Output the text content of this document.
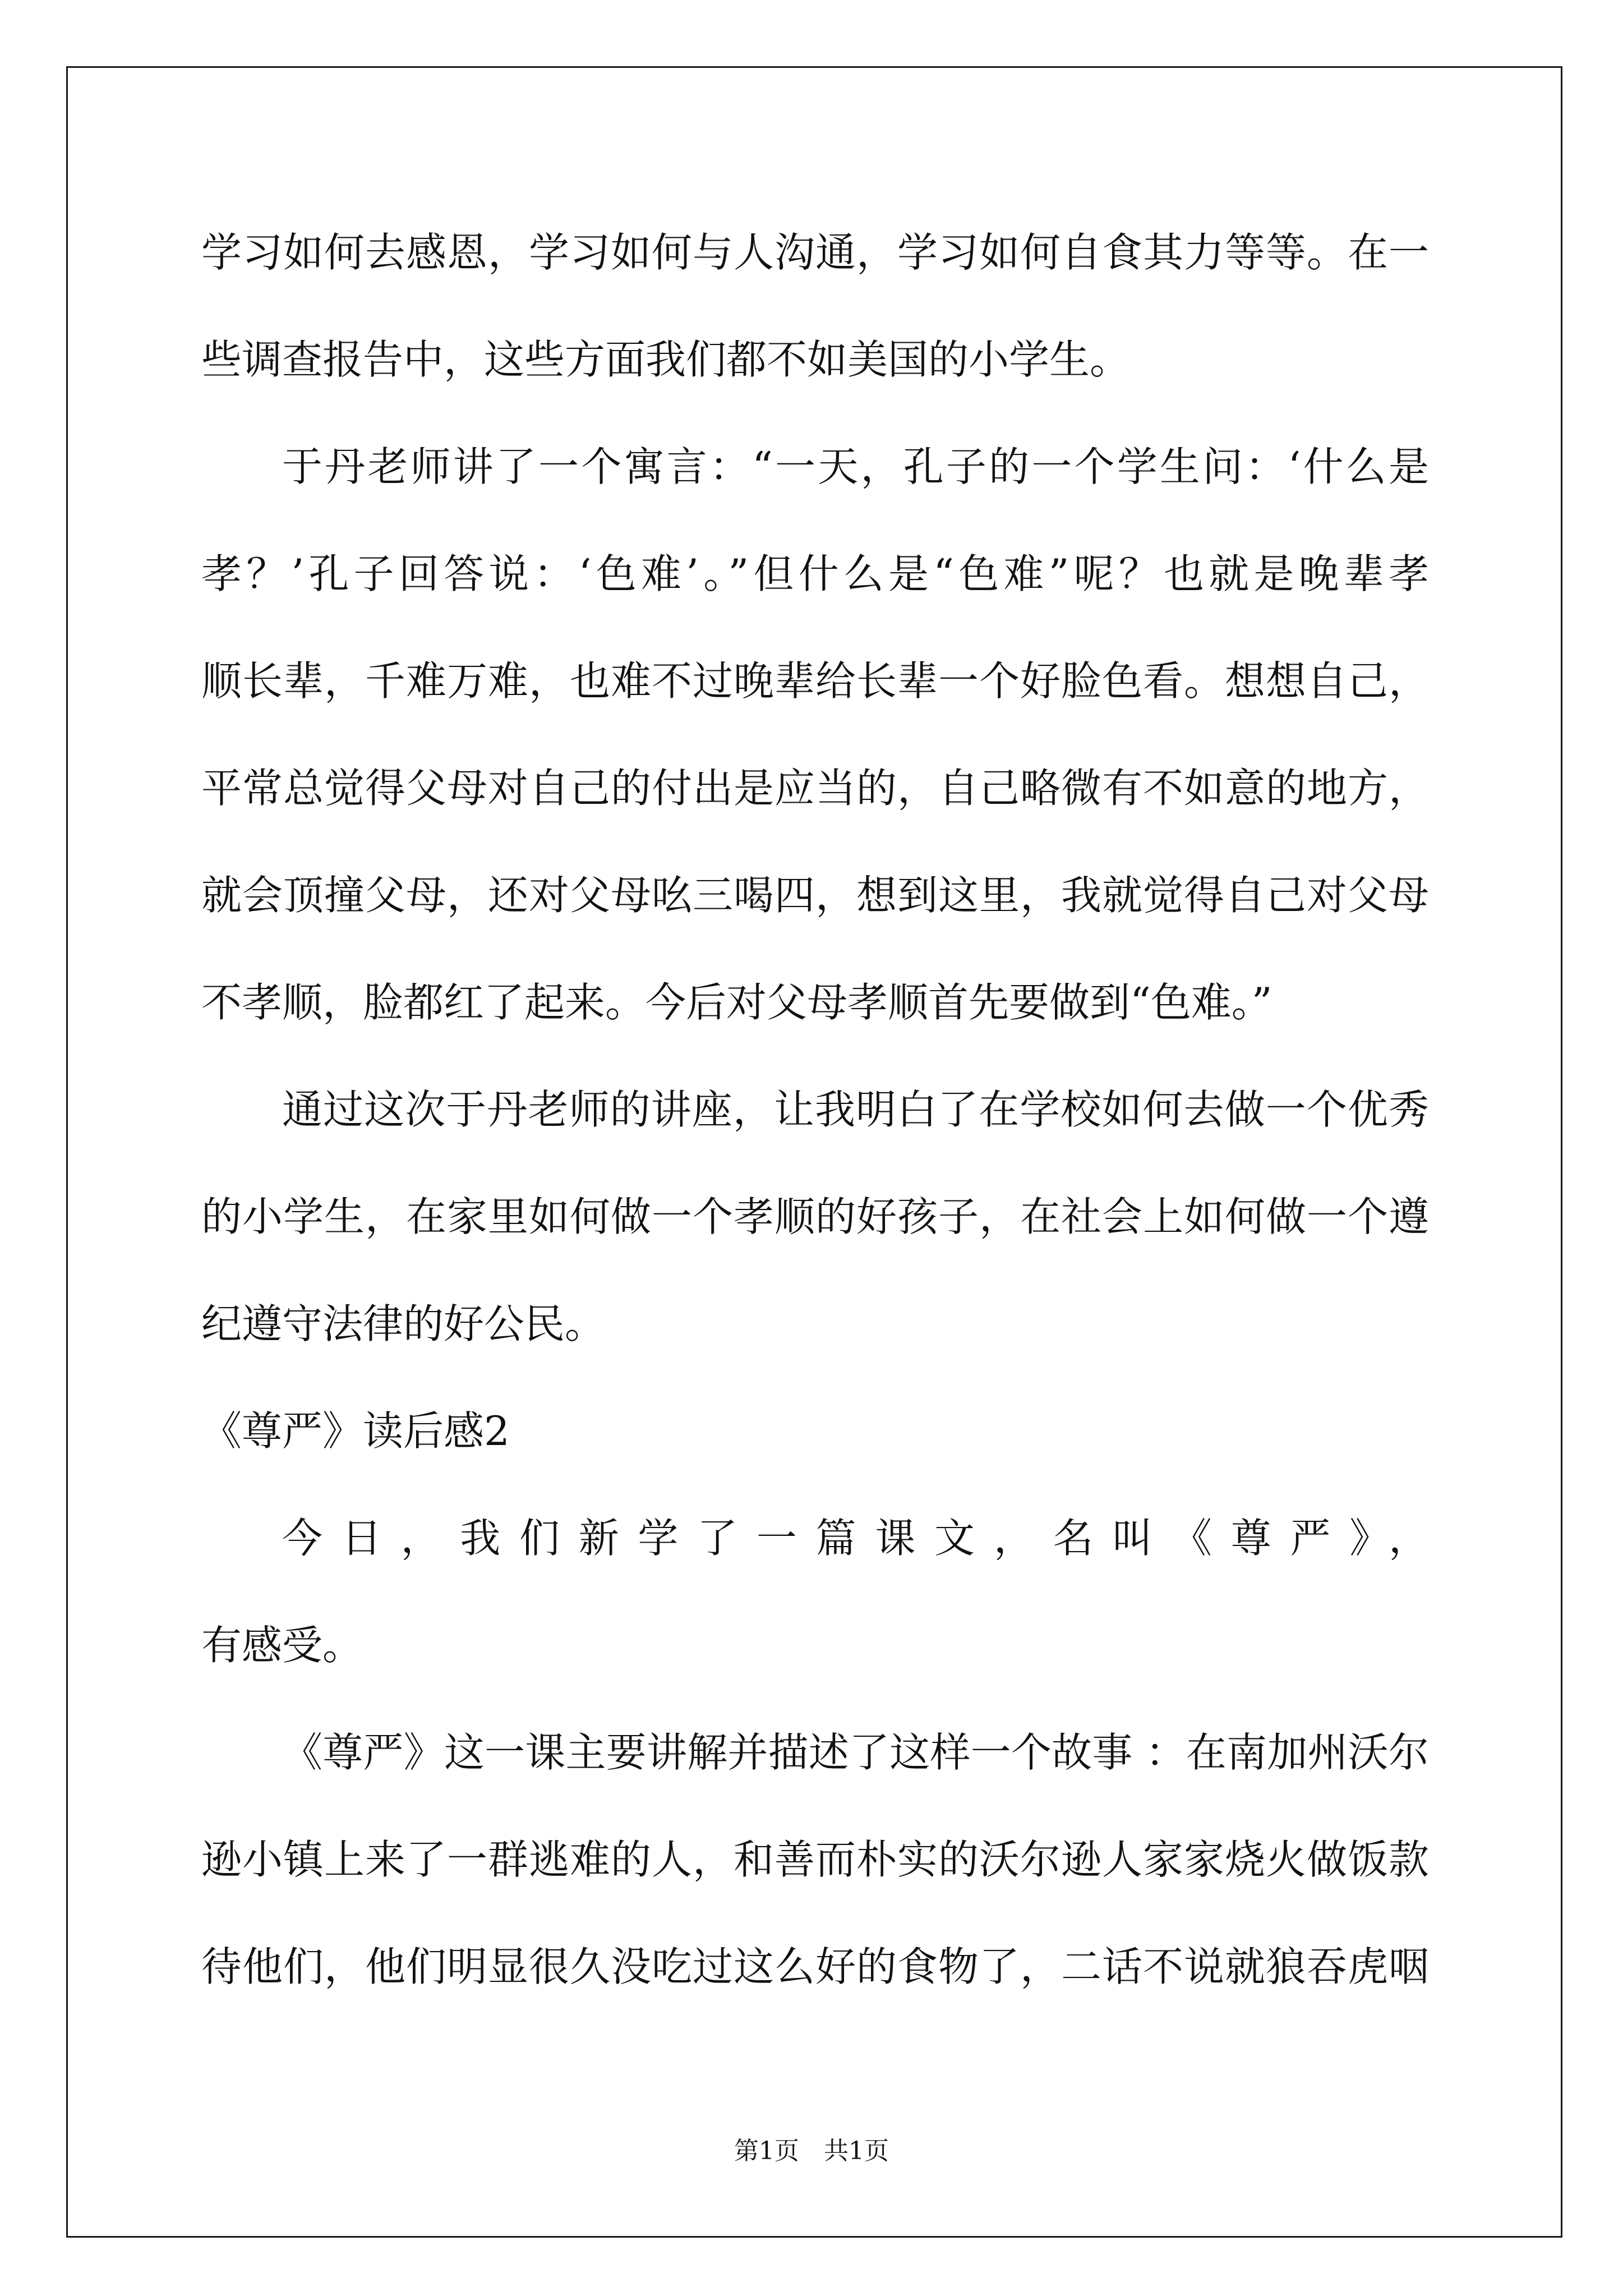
学习如何去感恩，学习如何与人沟通，学习如何自食其力等等。在一
些调查报告中，这些方面我们都不如美国的小学生。
于丹老师讲了一个寓言：“一天，孔子的一个学生问：‘什么是
孝？’孔子回答说：‘色难’。”但什么是“色难”呢？也就是晚辈孝
顺长辈，千难万难，也难不过晚辈给长辈一个好脸色看。想想自己，
平常总觉得父母对自己的付出是应当的，自己略微有不如意的地方，
就会顶撞父母，还对父母吆三喝四，想到这里，我就觉得自己对父母
不孝顺，脸都红了起来。今后对父母孝顺首先要做到“色难。”
通过这次于丹老师的讲座，让我明白了在学校如何去做一个优秀
的小学生，在家里如何做一个孝顺的好孩子，在社会上如何做一个遵
纪遵守法律的好公民。
《尊严》读后感2
今日，我们新学了一篇课文，名叫《尊严》，
有感受。
《尊严》这一课主要讲解并描述了这样一个故事 ：在南加州沃尔
逊小镇上来了一群逃难的人，和善而朴实的沃尔逊人家家烧火做饭款
待他们，他们明显很久没吃过这么好的食物了，二话不说就狼吞虎咽
第1页 共1页
